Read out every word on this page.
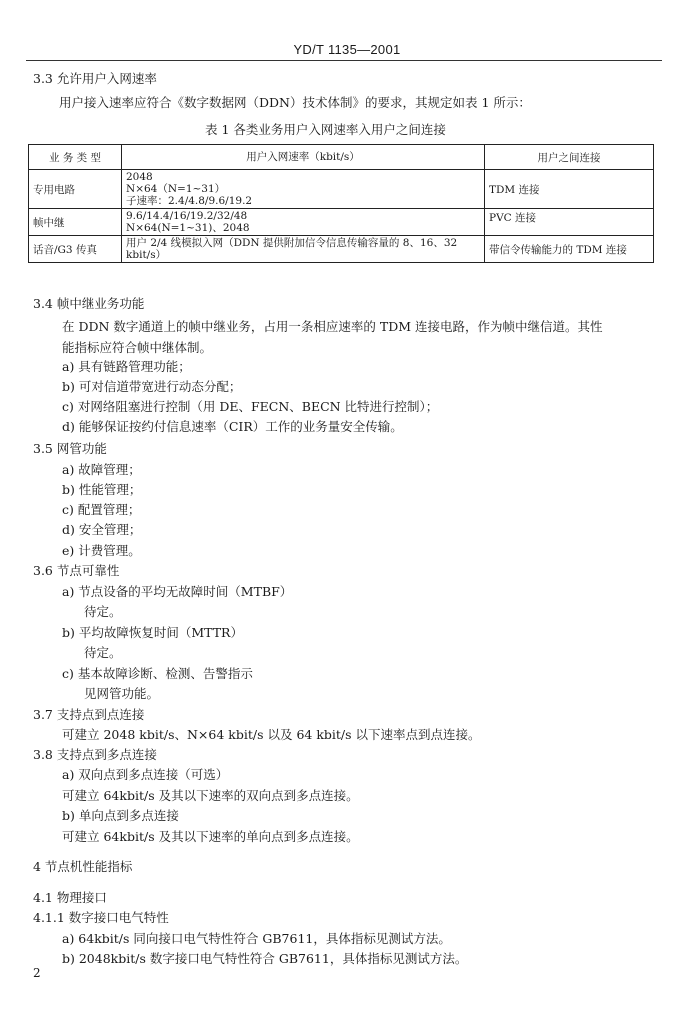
YD/T 1135—2001
3.3 允许用户入网速率
用户接入速率应符合《数字数据网（DDN）技术体制》的要求，其规定如表 1 所示：
表 1 各类业务用户入网速率入用户之间连接
业 务 类 型	用户入网速率（kbit/s）	用户之间连接
专用电路	2048
N×64（N=1~31）
子速率：2.4/4.8/9.6/19.2	TDM 连接
帧中继	9.6/14.4/16/19.2/32/48
N×64(N=1~31)、2048	PVC 连接
话音/G3 传真	用户 2/4 线模拟入网（DDN 提供附加信令信息传输容量的 8、16、32
kbit/s）	带信令传输能力的 TDM 连接
3.4 帧中继业务功能
在 DDN 数字通道上的帧中继业务，占用一条相应速率的 TDM 连接电路，作为帧中继信道。其性
能指标应符合帧中继体制。
a) 具有链路管理功能；
b) 可对信道带宽进行动态分配；
c) 对网络阻塞进行控制（用 DE、FECN、BECN 比特进行控制）；
d) 能够保证按约付信息速率（CIR）工作的业务量安全传输。
3.5 网管功能
a) 故障管理；
b) 性能管理；
c) 配置管理；
d) 安全管理；
e) 计费管理。
3.6 节点可靠性
a) 节点设备的平均无故障时间（MTBF）
待定。
b) 平均故障恢复时间（MTTR）
待定。
c) 基本故障诊断、检测、告警指示
见网管功能。
3.7 支持点到点连接
可建立 2048 kbit/s、N×64 kbit/s 以及 64 kbit/s 以下速率点到点连接。
3.8 支持点到多点连接
a) 双向点到多点连接（可选）
可建立 64kbit/s 及其以下速率的双向点到多点连接。
b) 单向点到多点连接
可建立 64kbit/s 及其以下速率的单向点到多点连接。
4 节点机性能指标
4.1 物理接口
4.1.1 数字接口电气特性
a) 64kbit/s 同向接口电气特性符合 GB7611，具体指标见测试方法。
b) 2048kbit/s 数字接口电气特性符合 GB7611，具体指标见测试方法。
2
